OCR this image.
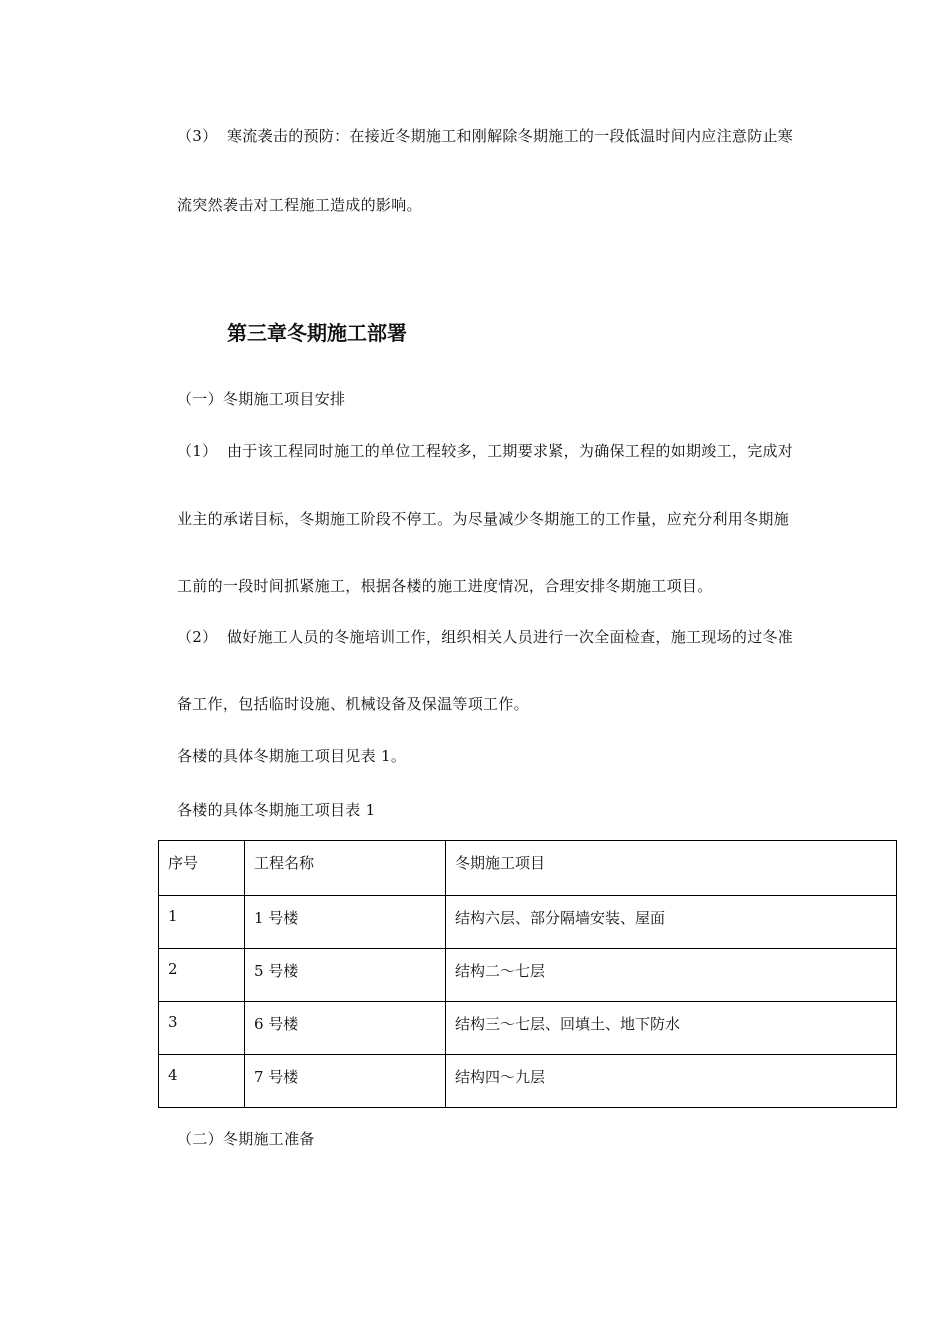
（3） 寒流袭击的预防：在接近冬期施工和刚解除冬期施工的一段低温时间内应注意防止寒
流突然袭击对工程施工造成的影响。
第三章冬期施工部署
（一）冬期施工项目安排
（1） 由于该工程同时施工的单位工程较多，工期要求紧，为确保工程的如期竣工，完成对
业主的承诺目标，冬期施工阶段不停工。为尽量减少冬期施工的工作量，应充分利用冬期施
工前的一段时间抓紧施工，根据各楼的施工进度情况，合理安排冬期施工项目。
（2） 做好施工人员的冬施培训工作，组织相关人员进行一次全面检查，施工现场的过冬准
备工作，包括临时设施、机械设备及保温等项工作。
各楼的具体冬期施工项目见表 1。
各楼的具体冬期施工项目表 1
序号	工程名称	冬期施工项目
1	1 号楼	结构六层、部分隔墙安装、屋面
2	5 号楼	结构二～七层
3	6 号楼	结构三～七层、回填土、地下防水
4	7 号楼	结构四～九层
（二）冬期施工准备
